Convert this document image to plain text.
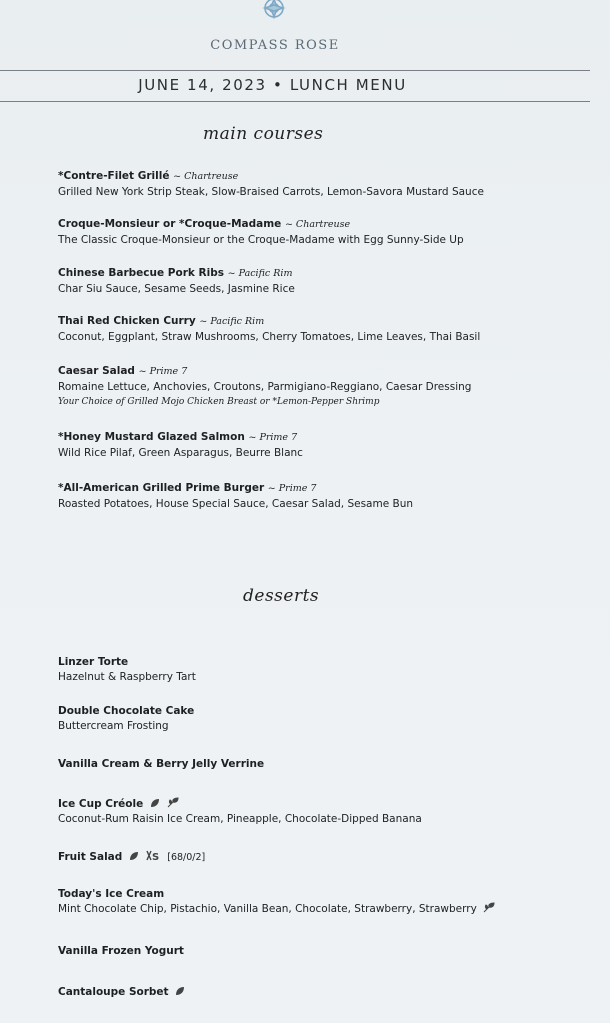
COMPASS ROSE
JUNE 14, 2023 • LUNCH MENU
main courses
*Contre-Filet Grillé ~ Chartreuse
Grilled New York Strip Steak, Slow-Braised Carrots, Lemon-Savora Mustard Sauce
Croque-Monsieur or *Croque-Madame ~ Chartreuse
The Classic Croque-Monsieur or the Croque-Madame with Egg Sunny-Side Up
Chinese Barbecue Pork Ribs ~ Pacific Rim
Char Siu Sauce, Sesame Seeds, Jasmine Rice
Thai Red Chicken Curry ~ Pacific Rim
Coconut, Eggplant, Straw Mushrooms, Cherry Tomatoes, Lime Leaves, Thai Basil
Caesar Salad ~ Prime 7
Romaine Lettuce, Anchovies, Croutons, Parmigiano-Reggiano, Caesar Dressing
Your Choice of Grilled Mojo Chicken Breast or *Lemon-Pepper Shrimp
*Honey Mustard Glazed Salmon ~ Prime 7
Wild Rice Pilaf, Green Asparagus, Beurre Blanc
*All-American Grilled Prime Burger ~ Prime 7
Roasted Potatoes, House Special Sauce, Caesar Salad, Sesame Bun
desserts
Linzer Torte
Hazelnut & Raspberry Tart
Double Chocolate Cake
Buttercream Frosting
Vanilla Cream & Berry Jelly Verrine
Ice Cup Créole
Coconut-Rum Raisin Ice Cream, Pineapple, Chocolate-Dipped Banana
Fruit Salad	S [68/0/2]
Today's Ice Cream
Mint Chocolate Chip, Pistachio, Vanilla Bean, Chocolate, Strawberry, Strawberry
Vanilla Frozen Yogurt
Cantaloupe Sorbet
